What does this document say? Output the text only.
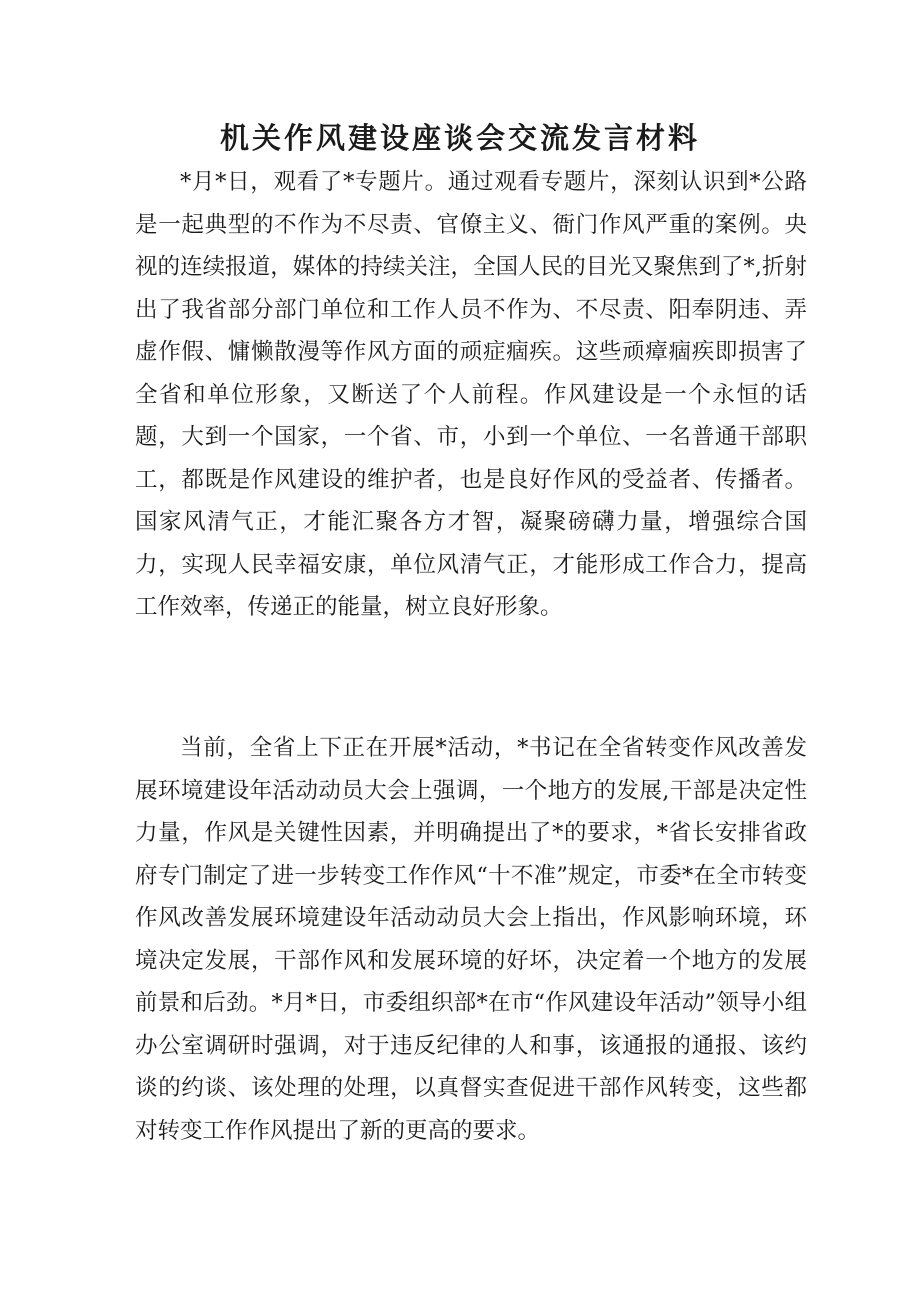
机关作风建设座谈会交流发言材料

*月*日，观看了*专题片。通过观看专题片，深刻认识到*公路是一起典型的不作为不尽责、官僚主义、衙门作风严重的案例。央视的连续报道，媒体的持续关注，全国人民的目光又聚焦到了*,折射出了我省部分部门单位和工作人员不作为、不尽责、阳奉阴违、弄虚作假、慵懒散漫等作风方面的顽症痼疾。这些顽瘴痼疾即损害了全省和单位形象，又断送了个人前程。作风建设是一个永恒的话题，大到一个国家，一个省、市，小到一个单位、一名普通干部职工，都既是作风建设的维护者，也是良好作风的受益者、传播者。国家风清气正，才能汇聚各方才智，凝聚磅礴力量，增强综合国力，实现人民幸福安康，单位风清气正，才能形成工作合力，提高工作效率，传递正的能量，树立良好形象。

当前，全省上下正在开展*活动，*书记在全省转变作风改善发展环境建设年活动动员大会上强调，一个地方的发展,干部是决定性力量，作风是关键性因素，并明确提出了*的要求，*省长安排省政府专门制定了进一步转变工作作风“十不准”规定，市委*在全市转变作风改善发展环境建设年活动动员大会上指出，作风影响环境，环境决定发展，干部作风和发展环境的好坏，决定着一个地方的发展前景和后劲。*月*日，市委组织部*在市“作风建设年活动”领导小组办公室调研时强调，对于违反纪律的人和事，该通报的通报、该约谈的约谈、该处理的处理，以真督实查促进干部作风转变，这些都对转变工作作风提出了新的更高的要求。
